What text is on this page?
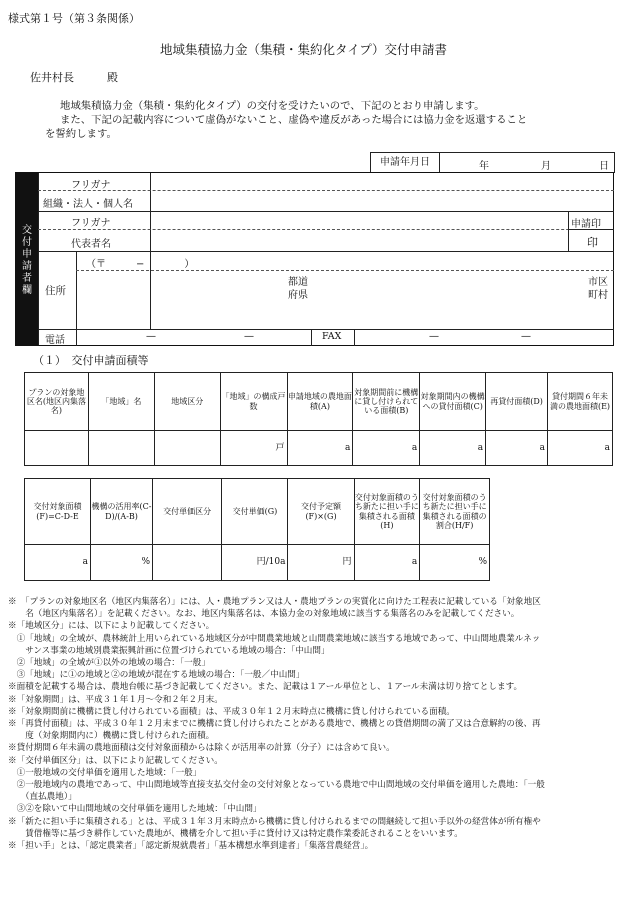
様式第１号（第３条関係）
地域集積協力金（集積・集約化タイプ）交付申請書
佐井村長　　　殿
地域集積協力金（集積・集約化タイプ）の交付を受けたいので、下記のとおり申請します。
また、下記の記載内容について虚偽がないこと、虚偽や違反があった場合には協力金を返還すること
を誓約します。
申請年月日	年	月	日
交付申請者欄
申請印
印
フリガナ
組織・法人・個人名
フリガナ
代表者名
住所
（〒　　　−　　　　）
都道
府県
市区
町村
電話	—	—	FAX	—	—
（１）　交付申請面積等
プランの対象地区名(地区内集落名)	「地域」名	地域区分	「地域」の構成戸数	申請地域の農地面積(A)	対象期間前に機構に貸し付けられている面積(B)	対象期間内の機構への貸付面積(C)	再貸付面積(D)	貸付期間６年未満の農地面積(E)
			戸	a	a	a	a	a
交付対象面積(F)=C-D-E	機構の活用率(C-D)/(A-B)	交付単価区分	交付単価(G)	交付予定額(F)×(G)	交付対象面積のうち新たに担い手に集積される面積(H)	交付対象面積のうち新たに担い手に集積される面積の割合(H/F)
a	%		円/10a	円	a	%
※　「プランの対象地区名（地区内集落名）」には、人・農地プラン又は人・農地プランの実質化に向けた工程表に記載している「対象地区
　　名（地区内集落名）」を記載ください。なお、地区内集落名は、本協力金の対象地域に該当する集落名のみを記載してください。
※「地域区分」には、以下により記載してください。
　①「地域」の全域が、農林統計上用いられている地域区分が中間農業地域と山間農業地域に該当する地域であって、中山間地農業ルネッ
　　サンス事業の地域別農業振興計画に位置づけられている地域の場合：「中山間」
　②「地域」の全域が①以外の地域の場合：「一般」
　③「地域」に①の地域と②の地域が混在する地域の場合：「一般／中山間」
※面積を記載する場合は、農地台帳に基づき記載してください。また、記載は１アール単位とし、１アール未満は切り捨てとします。
※「対象期間」は、平成３１年１月～令和２年２月末。
※「対象期間前に機構に貸し付けられている面積」は、平成３０年１２月末時点に機構に貸し付けられている面積。
※「再貸付面積」は、平成３０年１２月末までに機構に貸し付けられたことがある農地で、機構との貸借期間の満了又は合意解約の後、再
　　度（対象期間内に）機構に貸し付けられた面積。
※貸付期間６年未満の農地面積は交付対象面積からは除くが活用率の計算（分子）には含めて良い。
※「交付単価区分」は、以下により記載してください。
　①一般地域の交付単価を適用した地域：「一般」
　②一般地域内の農地であって、中山間地域等直接支払交付金の交付対象となっている農地で中山間地域の交付単価を適用した農地：「一般
　　（直払農地）」
　③②を除いて中山間地域の交付単価を適用した地域：「中山間」
※「新たに担い手に集積される」とは、平成３１年３月末時点から機構に貸し付けられるまでの間継続して担い手以外の経営体が所有権や
　　賃借権等に基づき耕作していた農地が、機構を介して担い手に貸付け又は特定農作業委託されることをいいます。
※「担い手」とは、「認定農業者」「認定新規就農者」「基本構想水準到達者」「集落営農経営」。
